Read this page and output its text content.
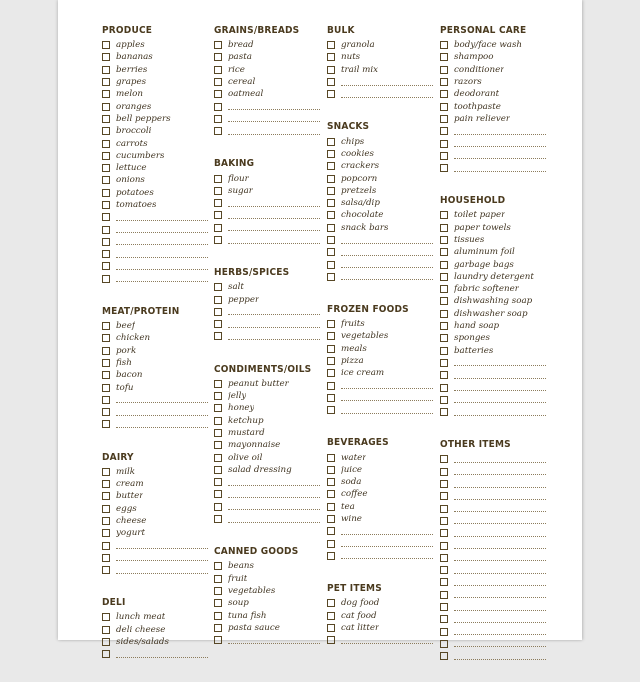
PRODUCE
apples
bananas
berries
grapes
melon
oranges
bell peppers
broccoli
carrots
cucumbers
lettuce
onions
potatoes
tomatoes
MEAT/PROTEIN
beef
chicken
pork
fish
bacon
tofu
DAIRY
milk
cream
butter
eggs
cheese
yogurt
DELI
lunch meat
deli cheese
sides/salads
GRAINS/BREADS
bread
pasta
rice
cereal
oatmeal
BAKING
flour
sugar
HERBS/SPICES
salt
pepper
CONDIMENTS/OILS
peanut butter
jelly
honey
ketchup
mustard
mayonnaise
olive oil
salad dressing
CANNED GOODS
beans
fruit
vegetables
soup
tuna fish
pasta sauce
BULK
granola
nuts
trail mix
SNACKS
chips
cookies
crackers
popcorn
pretzels
salsa/dip
chocolate
snack bars
FROZEN FOODS
fruits
vegetables
meals
pizza
ice cream
BEVERAGES
water
juice
soda
coffee
tea
wine
PET ITEMS
dog food
cat food
cat litter
PERSONAL CARE
body/face wash
shampoo
conditioner
razors
deodorant
toothpaste
pain reliever
HOUSEHOLD
toilet paper
paper towels
tissues
aluminum foil
garbage bags
laundry detergent
fabric softener
dishwashing soap
dishwasher soap
hand soap
sponges
batteries
OTHER ITEMS
